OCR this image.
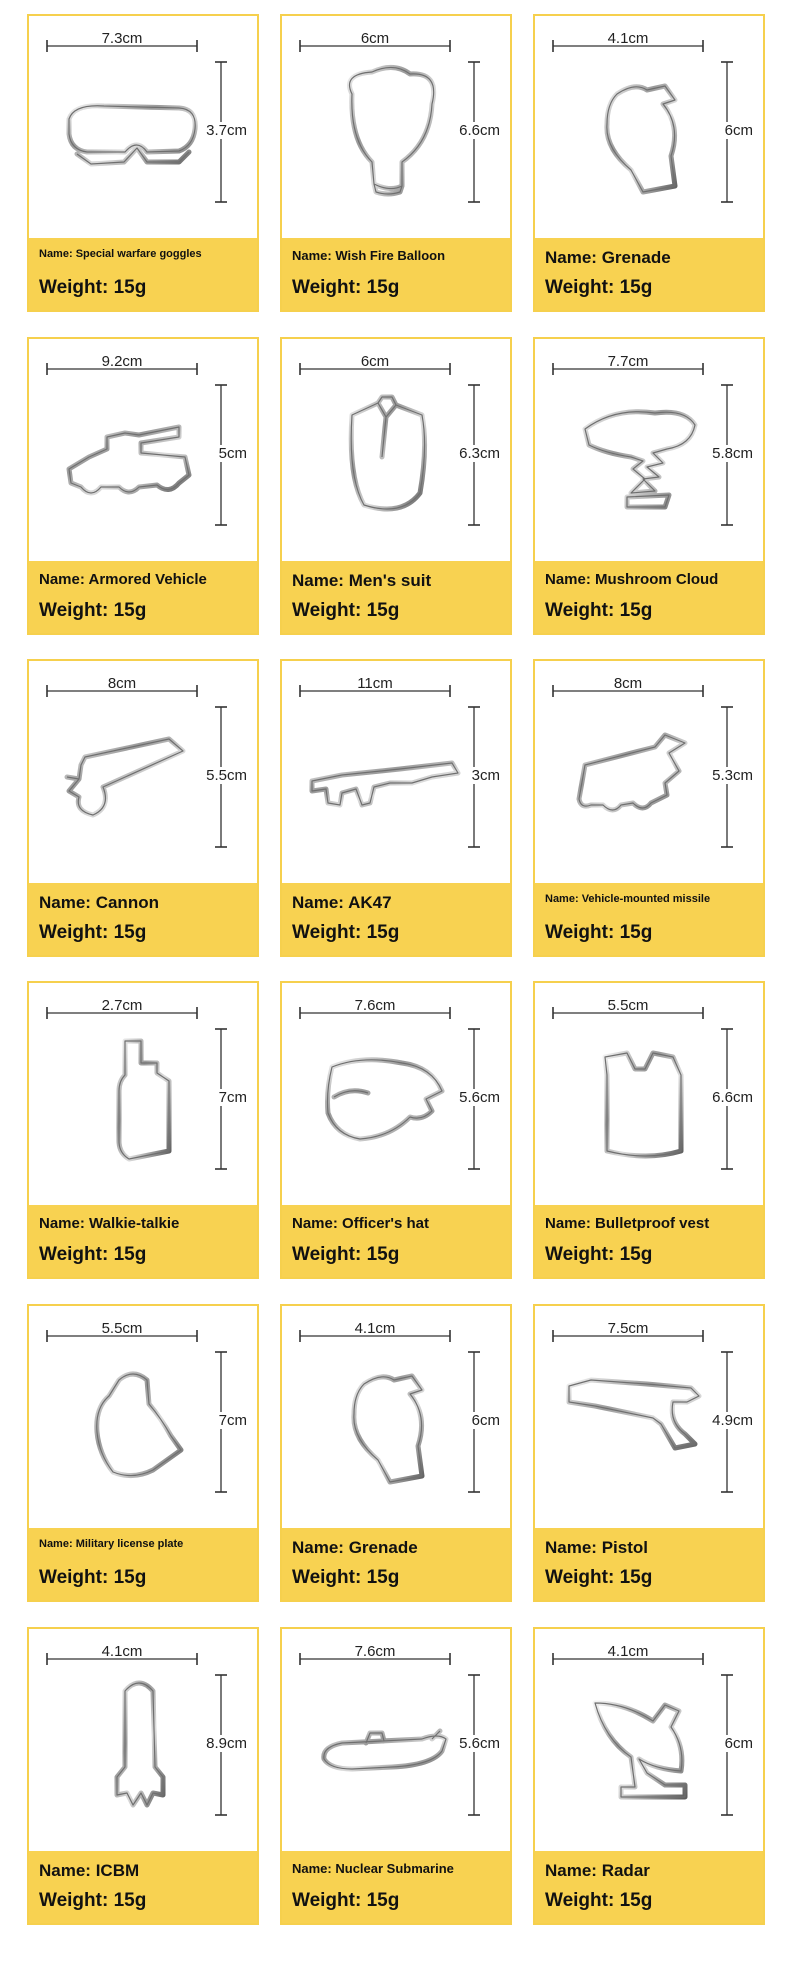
7.3cm
3.7cm
Name: Special warfare goggles
Weight: 15g
6cm
6.6cm
Name: Wish Fire Balloon
Weight: 15g
4.1cm
6cm
Name: Grenade
Weight: 15g
9.2cm
5cm
Name: Armored Vehicle
Weight: 15g
6cm
6.3cm
Name: Men's suit
Weight: 15g
7.7cm
5.8cm
Name: Mushroom Cloud
Weight: 15g
8cm
5.5cm
Name: Cannon
Weight: 15g
11cm
3cm
Name: AK47
Weight: 15g
8cm
5.3cm
Name: Vehicle-mounted missile
Weight: 15g
2.7cm
7cm
Name: Walkie-talkie
Weight: 15g
7.6cm
5.6cm
Name: Officer's hat
Weight: 15g
5.5cm
6.6cm
Name: Bulletproof vest
Weight: 15g
5.5cm
7cm
Name: Military license plate
Weight: 15g
4.1cm
6cm
Name: Grenade
Weight: 15g
7.5cm
4.9cm
Name: Pistol
Weight: 15g
4.1cm
8.9cm
Name: ICBM
Weight: 15g
7.6cm
5.6cm
Name: Nuclear Submarine
Weight: 15g
4.1cm
6cm
Name: Radar
Weight: 15g
